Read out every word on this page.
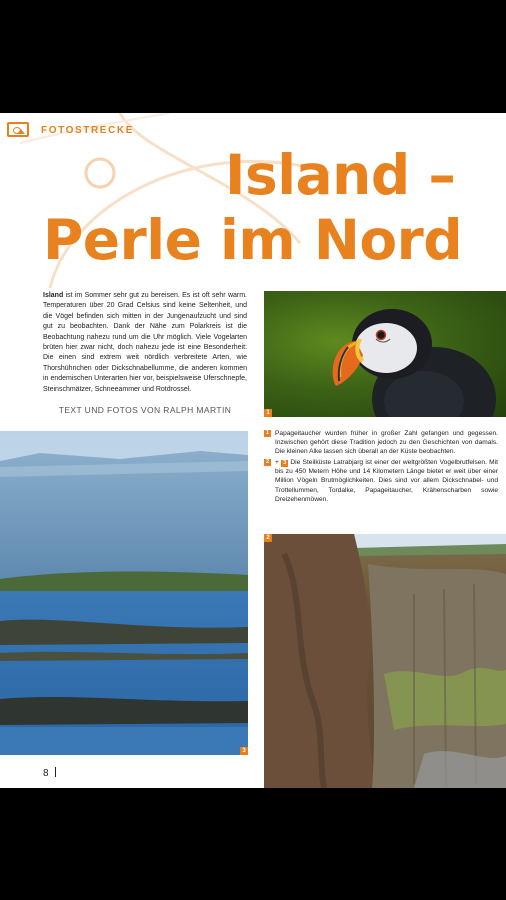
FOTOSTRECKE
Island –
Perle im Nord

Island ist im Sommer sehr gut zu bereisen. Es ist oft sehr warm. Temperaturen über 20 Grad Celsius sind keine Seltenheit, und die Vögel befinden sich mitten in der Jungenaufzucht und sind gut zu beobachten. Dank der Nähe zum Polarkreis ist die Beobachtung nahezu rund um die Uhr möglich. Viele Vogelarten brüten hier zwar nicht, doch nahezu jede ist eine Besonderheit: Die einen sind extrem weit nördlich verbreitete Arten, wie Thorshühnchen oder Dickschnabellumme, die anderen kommen in endemischen Unterarten hier vor, beispielsweise Uferschnepfe, Steinschmätzer, Schneeammer und Rotdrossel.

TEXT UND FOTOS VON RALPH MARTIN	1
3

1 Papageitaucher wurden früher in großer Zahl gefangen und gegessen. Inzwischen gehört diese Tradition jedoch zu den Geschichten von damals. Die kleinen Alke lassen sich überall an der Küste beobachten.

2 + 3 Die Steilküste Latrabjarg ist einer der weltgrößten Vogelbrutfelsen. Mit bis zu 450 Metern Höhe und 14 Kilometern Länge bietet er weit über einer Million Vögeln Brutmöglichkeiten. Dies sind vor allem Dickschnabel- und Trottellummen, Tordalke, Papageitaucher, Krähenscharben sowie Dreizehenmöwen.

2
8
